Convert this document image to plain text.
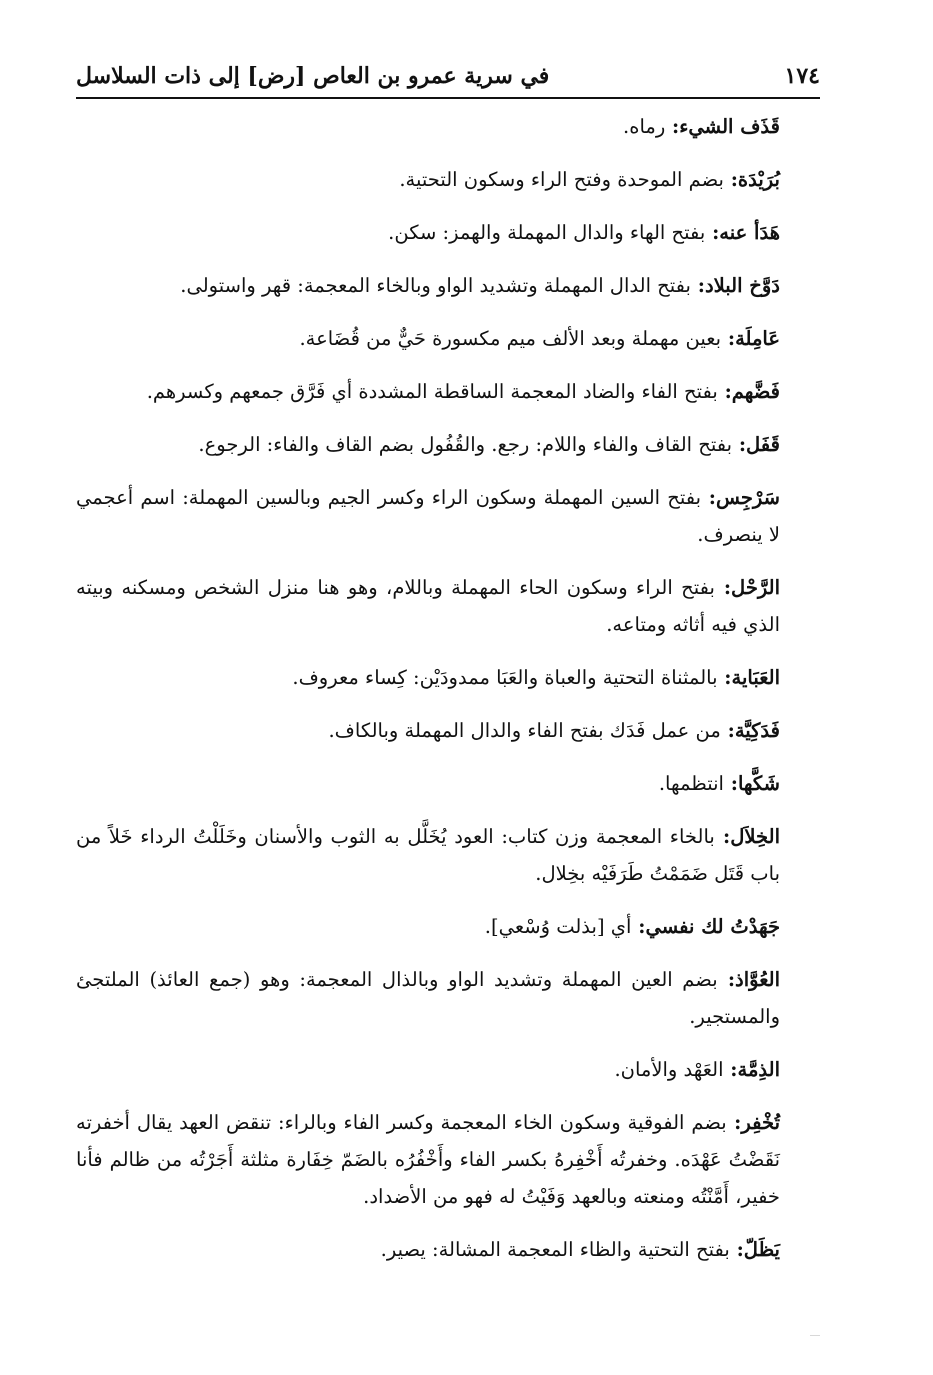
١٧٤
في سرية عمرو بن العاص [رض] إلى ذات السلاسل

قَذَف الشيء: رماه.

بُرَيْدَة: بضم الموحدة وفتح الراء وسكون التحتية.

هَدَأ عنه: بفتح الهاء والدال المهملة والهمز: سكن.

دَوَّخ البلاد: بفتح الدال المهملة وتشديد الواو وبالخاء المعجمة: قهر واستولى.

عَامِلَة: بعين مهملة وبعد الألف ميم مكسورة حَيٌّ من قُضَاعة.

فَضَّهم: بفتح الفاء والضاد المعجمة الساقطة المشددة أي فَرَّق جمعهم وكسرهم.

قَفَل: بفتح القاف والفاء واللام: رجع. والقُفُول بضم القاف والفاء: الرجوع.

سَرْجِس: بفتح السين المهملة وسكون الراء وكسر الجيم وبالسين المهملة: اسم أعجمي لا ينصرف.

الرَّحْل: بفتح الراء وسكون الحاء المهملة وباللام، وهو هنا منزل الشخص ومسكنه وبيته الذي فيه أثاثه ومتاعه.

العَبَاية: بالمثناة التحتية والعباة والعَبَا ممدودَيْن: كِساء معروف.

فَدَكِيَّة: من عمل فَدَك بفتح الفاء والدال المهملة وبالكاف.

شَكَّها: انتظمها.

الخِلاَل: بالخاء المعجمة وزن كتاب: العود يُخَلَّل به الثوب والأسنان وخَلَلْتُ الرداء خَلاً من باب قَتَل ضَمَمْتُ طَرَفَيْه بخِلال.

جَهَدْتُ لك نفسي: أي [بذلت وُسْعي].

العُوَّاذ: بضم العين المهملة وتشديد الواو وبالذال المعجمة: وهو (جمع العائذ) الملتجئ والمستجير.

الذِمَّة: العَهْد والأمان.

تُخْفِر: بضم الفوقية وسكون الخاء المعجمة وكسر الفاء وبالراء: تنقض العهد يقال أخفرته نَقَضْتُ عَهْدَه. وخفرتُه أَخْفِرهُ بكسر الفاء وأَخْفُرُه بالضَمّ خِفَارة مثلثة أَجَرْتُه من ظالم فأنا خفير، أَمَّنْتُه ومنعته وبالعهد وَفَيْتُ له فهو من الأضداد.

يَظَلّ: بفتح التحتية والظاء المعجمة المشالة: يصير.
